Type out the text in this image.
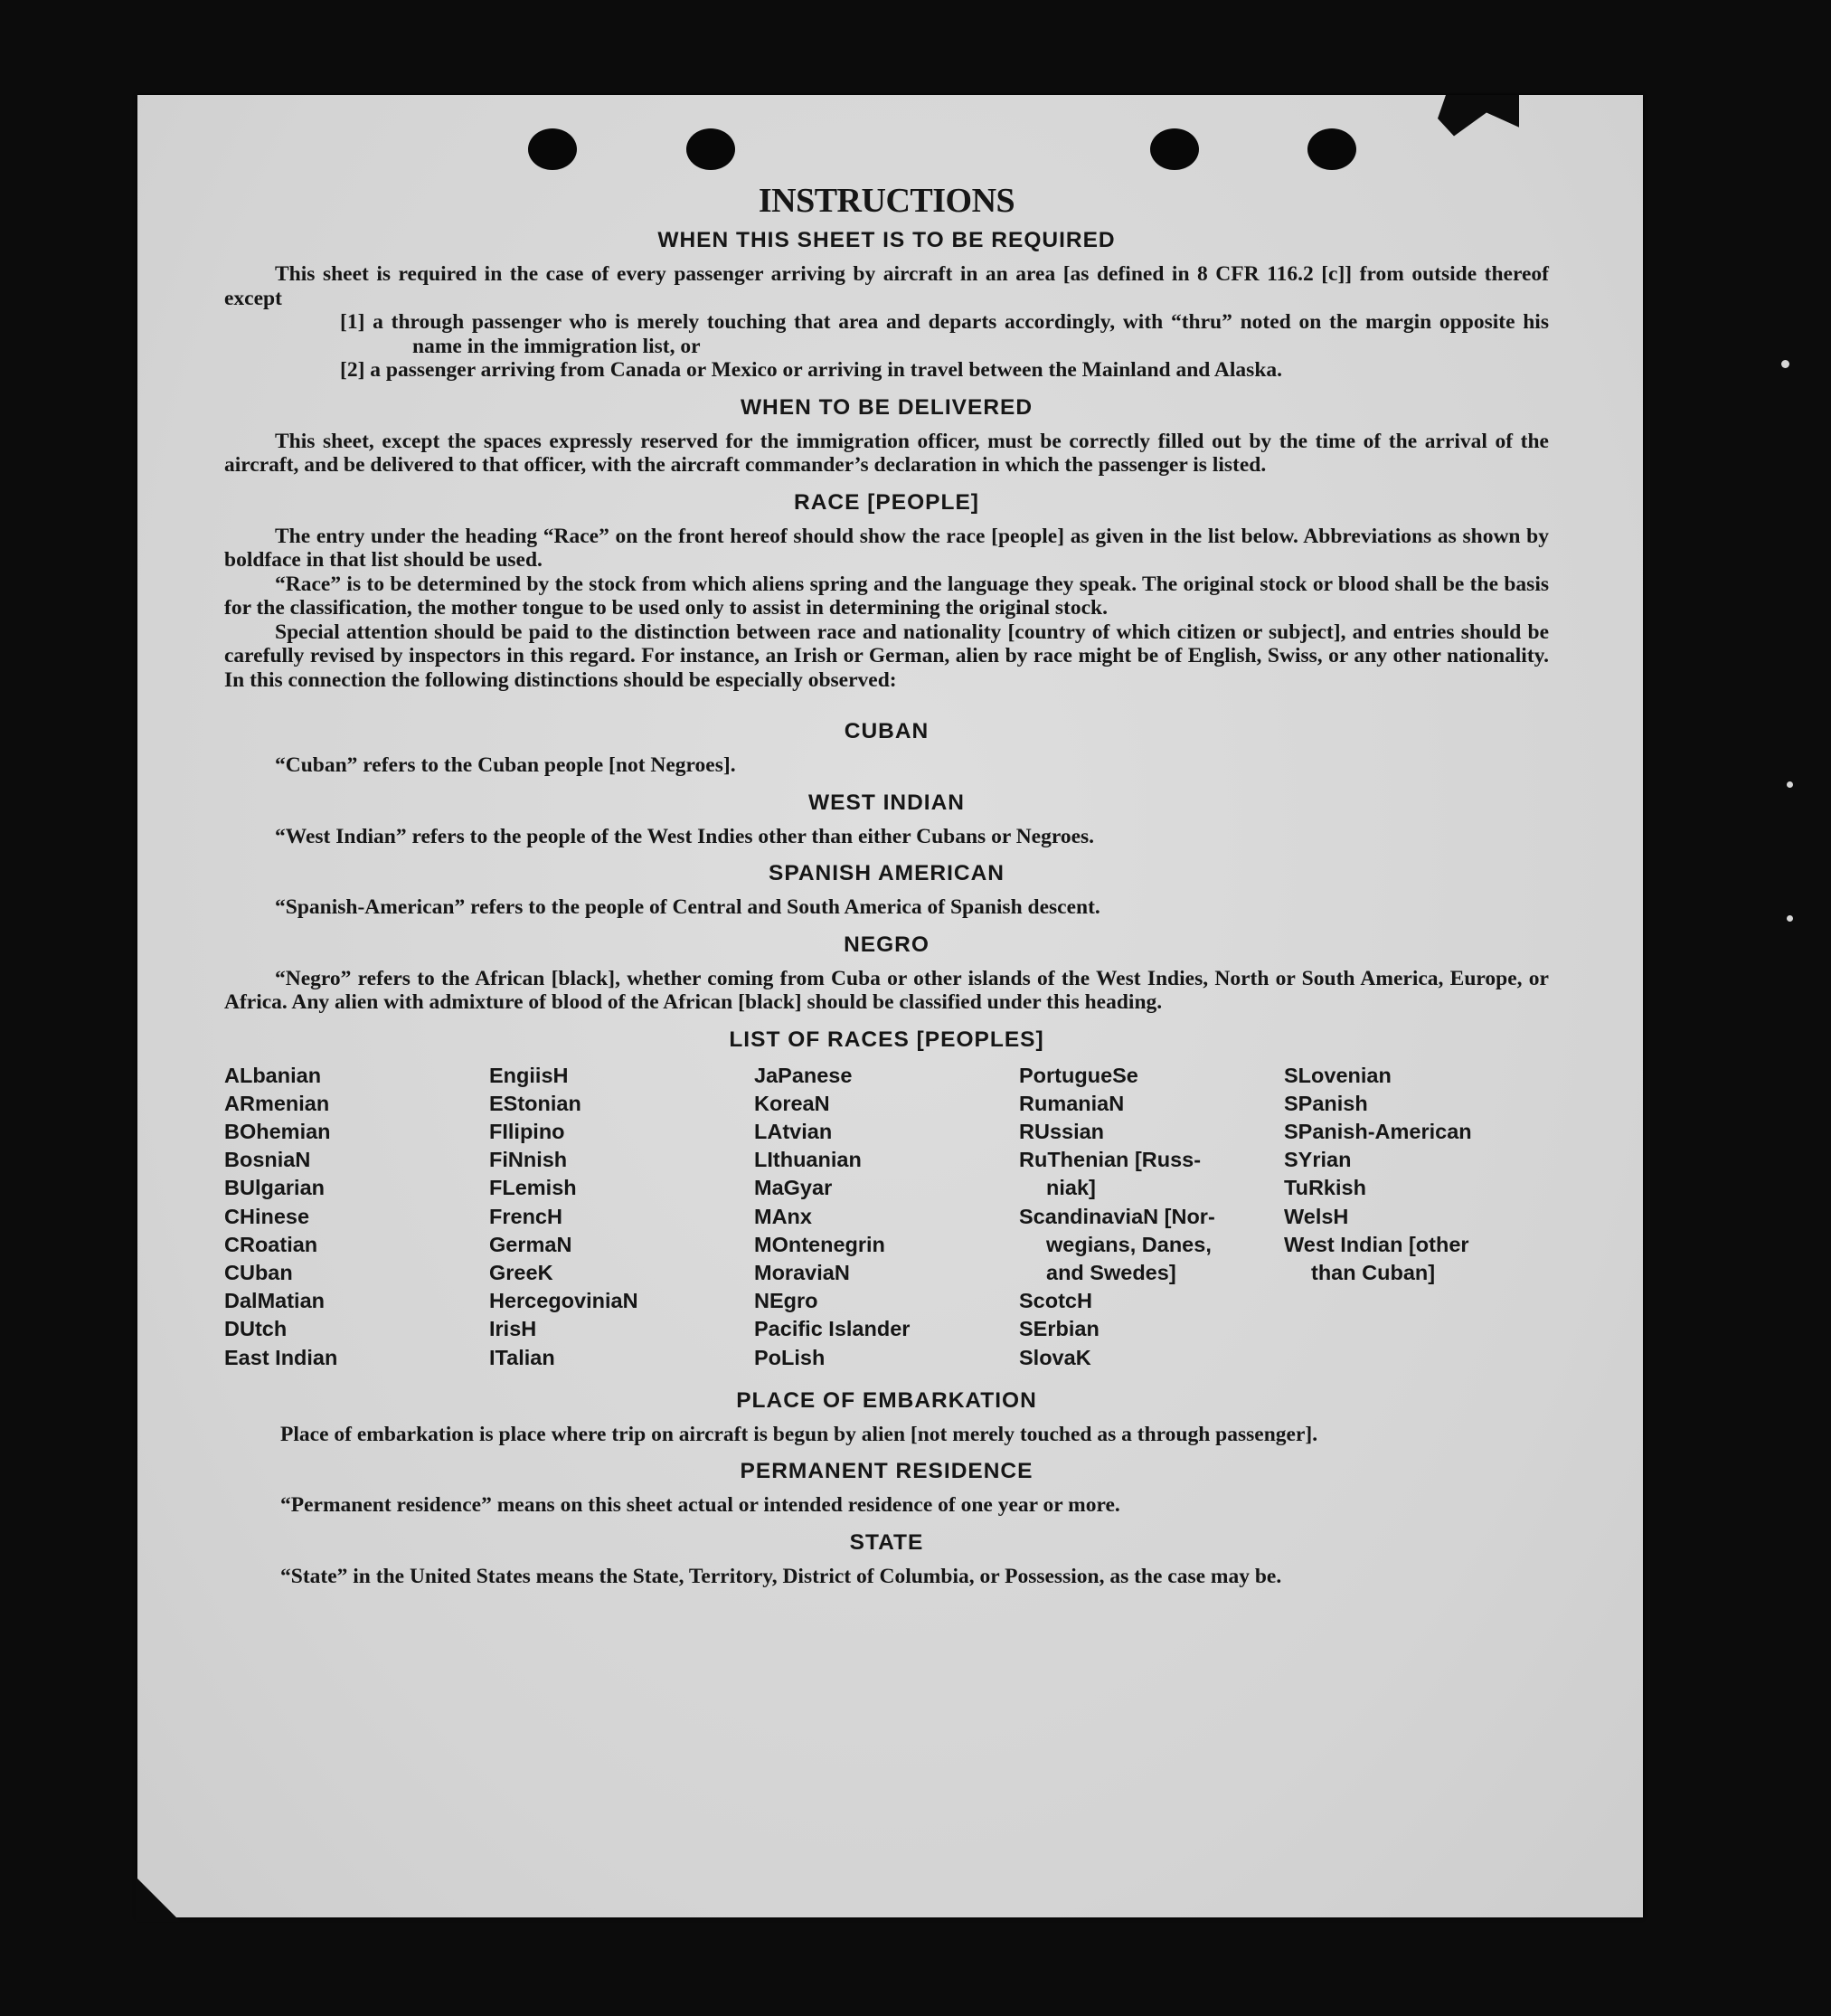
INSTRUCTIONS
WHEN THIS SHEET IS TO BE REQUIRED

This sheet is required in the case of every passenger arriving by aircraft in an area [as defined in 8 CFR 116.2 [c]] from outside thereof except

[1] a through passenger who is merely touching that area and departs accordingly, with “thru” noted on the margin opposite his name in the immigration list, or

[2] a passenger arriving from Canada or Mexico or arriving in travel between the Mainland and Alaska.

WHEN TO BE DELIVERED

This sheet, except the spaces expressly reserved for the immigration officer, must be correctly filled out by the time of the arrival of the aircraft, and be delivered to that officer, with the aircraft commander’s declaration in which the passenger is listed.

RACE [PEOPLE]

The entry under the heading “Race” on the front hereof should show the race [people] as given in the list below. Abbreviations as shown by boldface in that list should be used.

“Race” is to be determined by the stock from which aliens spring and the language they speak. The original stock or blood shall be the basis for the classification, the mother tongue to be used only to assist in determining the original stock.

Special attention should be paid to the distinction between race and nationality [country of which citizen or subject], and entries should be carefully revised by inspectors in this regard. For instance, an Irish or German, alien by race might be of English, Swiss, or any other nationality. In this connection the following distinctions should be especially observed:

CUBAN

“Cuban” refers to the Cuban people [not Negroes].

WEST INDIAN

“West Indian” refers to the people of the West Indies other than either Cubans or Negroes.

SPANISH AMERICAN

“Spanish-American” refers to the people of Central and South America of Spanish descent.

NEGRO

“Negro” refers to the African [black], whether coming from Cuba or other islands of the West Indies, North or South America, Europe, or Africa. Any alien with admixture of blood of the African [black] should be classified under this heading.

LIST OF RACES [PEOPLES]
ALbanian
ARmenian
BOhemian
BosniaN
BUlgarian
CHinese
CRoatian
CUban
DalMatian
DUtch
East Indian
EngiisH
EStonian
FIlipino
FiNnish
FLemish
FrencH
GermaN
GreeK
HercegoviniaN
IrisH
ITalian
JaPanese
KoreaN
LAtvian
LIthuanian
MaGyar
MAnx
MOntenegrin
MoraviaN
NEgro
Pacific Islander
PoLish
PortugueSe
RumaniaN
RUssian
RuThenian [Russ-
niak]
ScandinaviaN [Nor-
wegians, Danes,
and Swedes]
ScotcH
SErbian
SlovaK
SLovenian
SPanish
SPanish-American
SYrian
TuRkish
WelsH
West Indian [other
than Cuban]
PLACE OF EMBARKATION

Place of embarkation is place where trip on aircraft is begun by alien [not merely touched as a through passenger].

PERMANENT RESIDENCE

“Permanent residence” means on this sheet actual or intended residence of one year or more.

STATE

“State” in the United States means the State, Territory, District of Columbia, or Possession, as the case may be.
